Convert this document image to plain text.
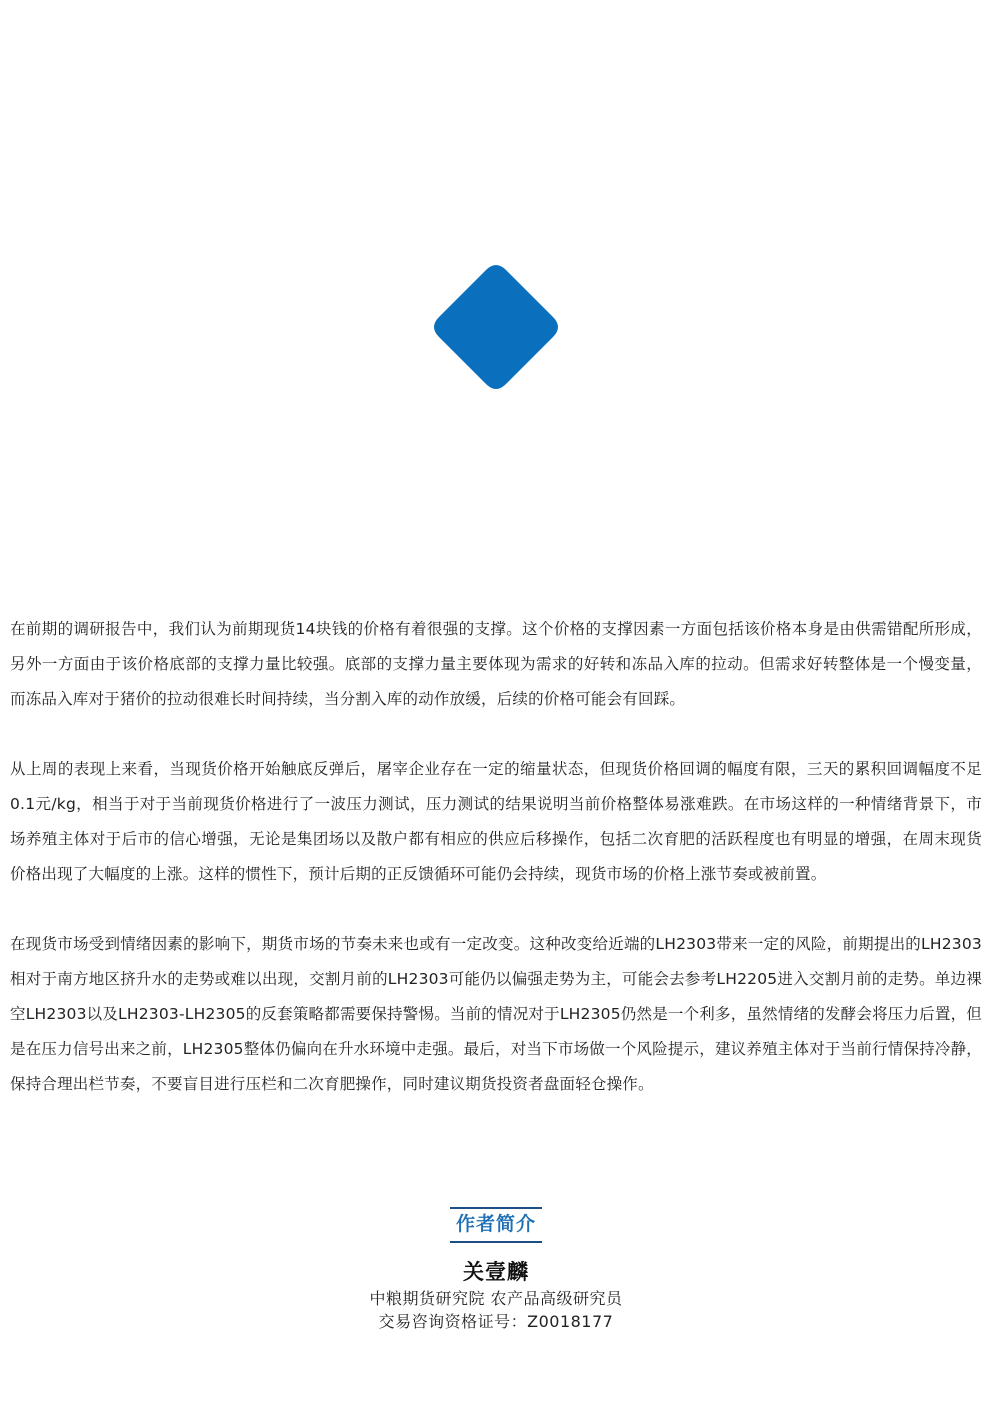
在前期的调研报告中，我们认为前期现货14块钱的价格有着很强的支撑。这个价格的支撑因素一方面包括该价格本身是由供需错配所形成，另外一方面由于该价格底部的支撑力量比较强。底部的支撑力量主要体现为需求的好转和冻品入库的拉动。但需求好转整体是一个慢变量，而冻品入库对于猪价的拉动很难长时间持续，当分割入库的动作放缓，后续的价格可能会有回踩。

从上周的表现上来看，当现货价格开始触底反弹后，屠宰企业存在一定的缩量状态，但现货价格回调的幅度有限，三天的累积回调幅度不足0.1元/kg，相当于对于当前现货价格进行了一波压力测试，压力测试的结果说明当前价格整体易涨难跌。在市场这样的一种情绪背景下，市场养殖主体对于后市的信心增强，无论是集团场以及散户都有相应的供应后移操作，包括二次育肥的活跃程度也有明显的增强，在周末现货价格出现了大幅度的上涨。这样的惯性下，预计后期的正反馈循环可能仍会持续，现货市场的价格上涨节奏或被前置。

在现货市场受到情绪因素的影响下，期货市场的节奏未来也或有一定改变。这种改变给近端的LH2303带来一定的风险，前期提出的LH2303相对于南方地区挤升水的走势或难以出现，交割月前的LH2303可能仍以偏强走势为主，可能会去参考LH2205进入交割月前的走势。单边裸空LH2303以及LH2303-LH2305的反套策略都需要保持警惕。当前的情况对于LH2305仍然是一个利多，虽然情绪的发酵会将压力后置，但是在压力信号出来之前，LH2305整体仍偏向在升水环境中走强。最后，对当下市场做一个风险提示，建议养殖主体对于当前行情保持冷静，保持合理出栏节奏，不要盲目进行压栏和二次育肥操作，同时建议期货投资者盘面轻仓操作。

作者简介
关壹麟
中粮期货研究院 农产品高级研究员
交易咨询资格证号：Z0018177
